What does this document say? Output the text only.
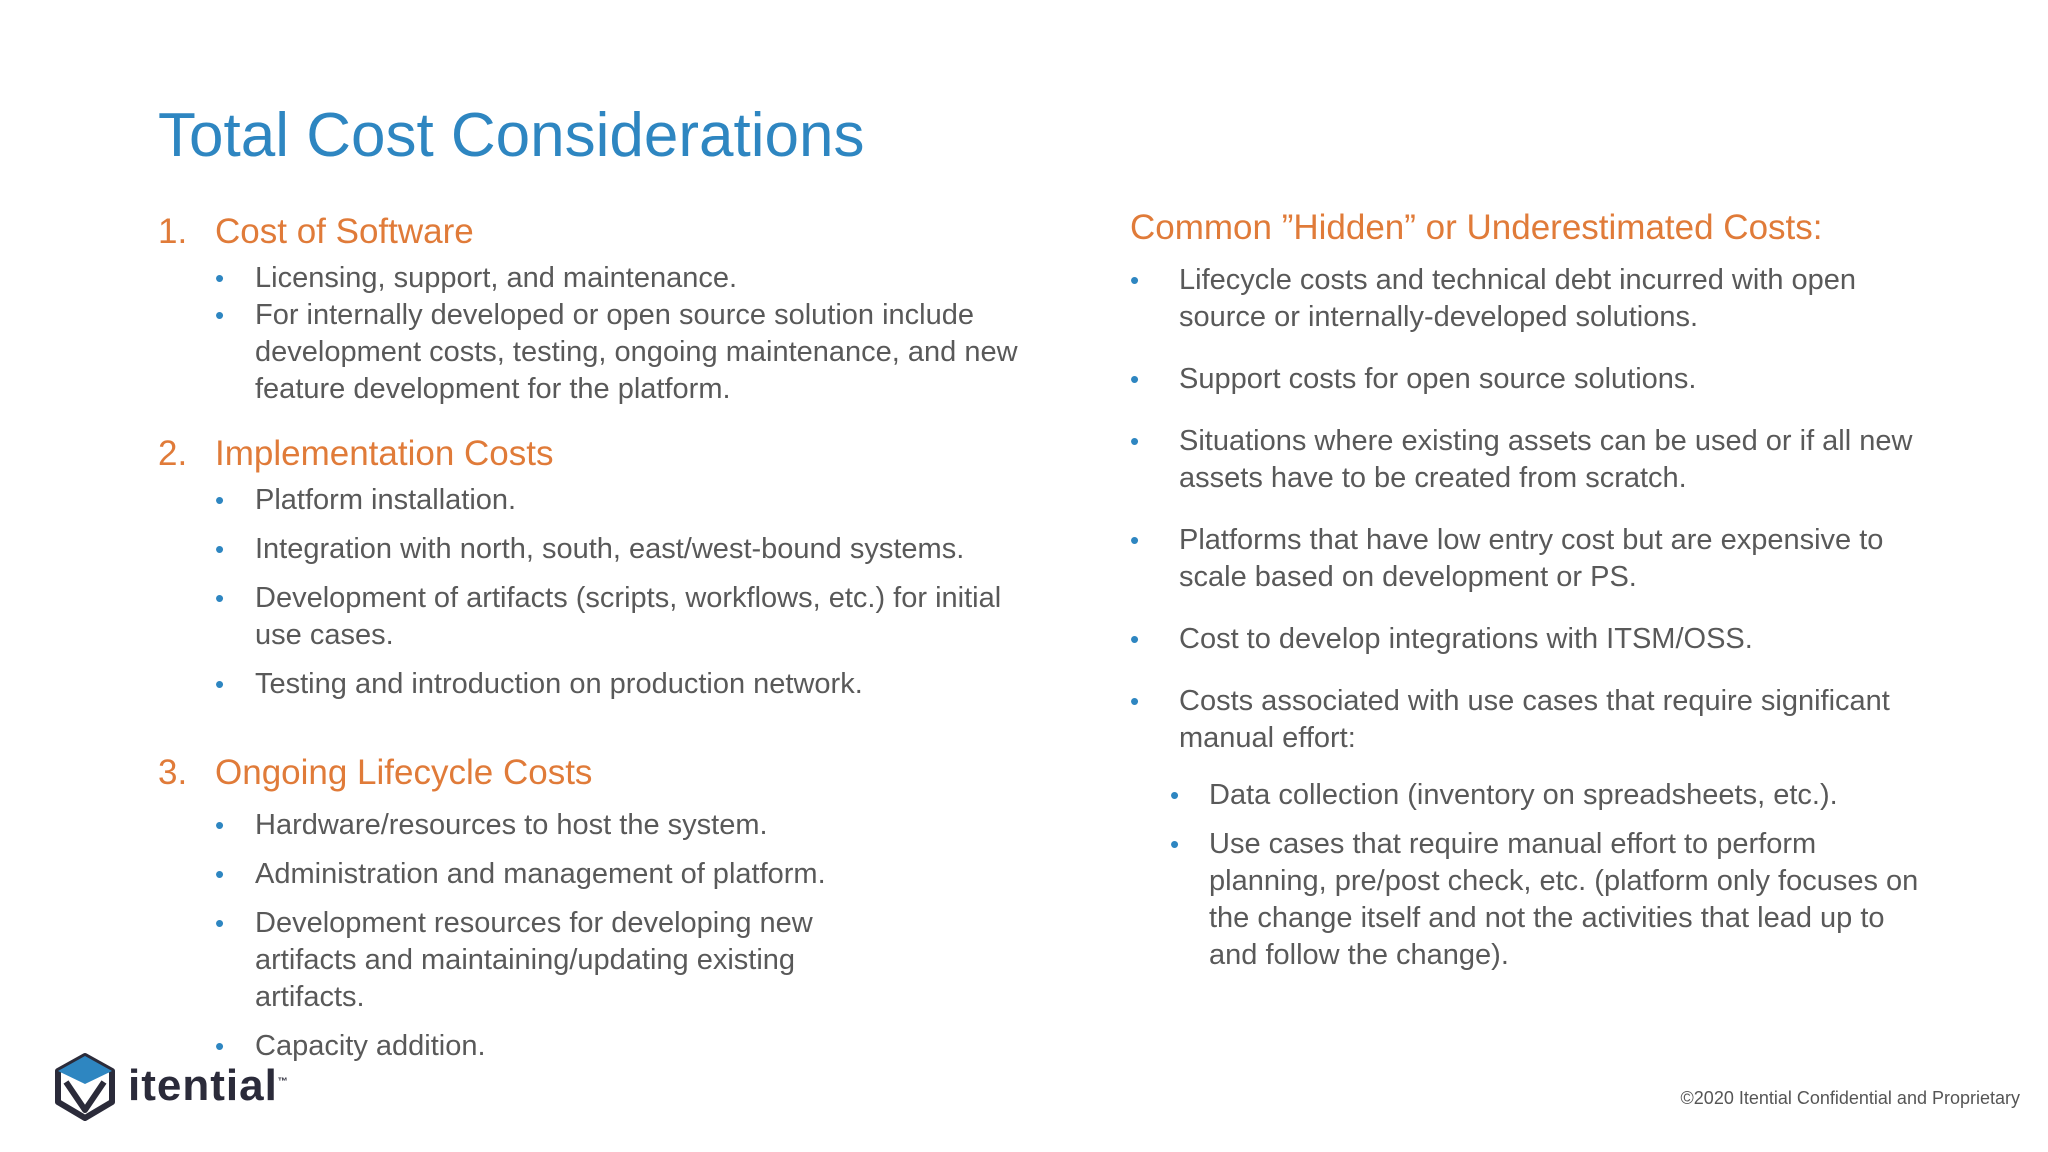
Total Cost Considerations
1. Cost of Software
• Licensing, support, and maintenance.
• For internally developed or open source solution include development costs, testing, ongoing maintenance, and new feature development for the platform.
2. Implementation Costs
• Platform installation.
• Integration with north, south, east/west-bound systems.
• Development of artifacts (scripts, workflows, etc.) for initial use cases.
• Testing and introduction on production network.
3. Ongoing Lifecycle Costs
• Hardware/resources to host the system.
• Administration and management of platform.
• Development resources for developing new artifacts and maintaining/updating existing artifacts.
• Capacity addition.
Common ”Hidden” or Underestimated Costs:
• Lifecycle costs and technical debt incurred with open source or internally-developed solutions.
• Support costs for open source solutions.
• Situations where existing assets can be used or if all new assets have to be created from scratch.
• Platforms that have low entry cost but are expensive to scale based on development or PS.
• Cost to develop integrations with ITSM/OSS.
• Costs associated with use cases that require significant manual effort:
• Data collection (inventory on spreadsheets, etc.).
• Use cases that require manual effort to perform planning, pre/post check, etc. (platform only focuses on the change itself and not the activities that lead up to and follow the change).
itential™
©2020 Itential Confidential and Proprietary
